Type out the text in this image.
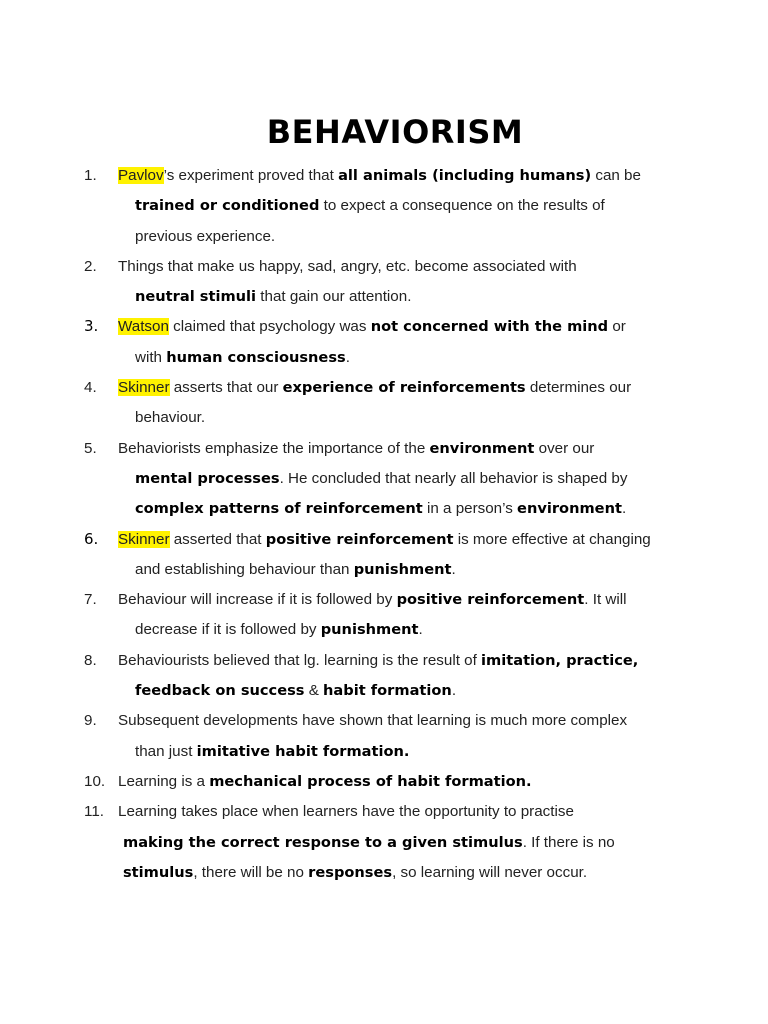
BEHAVIORISM
1.	Pavlov’s experiment proved that all animals (including humans) can be
trained or conditioned to expect a consequence on the results of
previous experience.
2.	Things that make us happy, sad, angry, etc. become associated with
neutral stimuli that gain our attention.
3.	Watson claimed that psychology was not concerned with the mind or
with human consciousness.
4.	Skinner asserts that our experience of reinforcements determines our
behaviour.
5.	Behaviorists emphasize the importance of the environment over our
mental processes. He concluded that nearly all behavior is shaped by
complex patterns of reinforcement in a person’s environment.
6.	Skinner asserted that positive reinforcement is more effective at changing
and establishing behaviour than punishment.
7.	Behaviour will increase if it is followed by positive reinforcement. It will
decrease if it is followed by punishment.
8.	Behaviourists believed that lg. learning is the result of imitation, practice,
feedback on success & habit formation.
9.	Subsequent developments have shown that learning is much more complex
than just imitative habit formation.
10. Learning is a mechanical process of habit formation.
11. Learning takes place when learners have the opportunity to practise
making the correct response to a given stimulus. If there is no
stimulus, there will be no responses, so learning will never occur.
